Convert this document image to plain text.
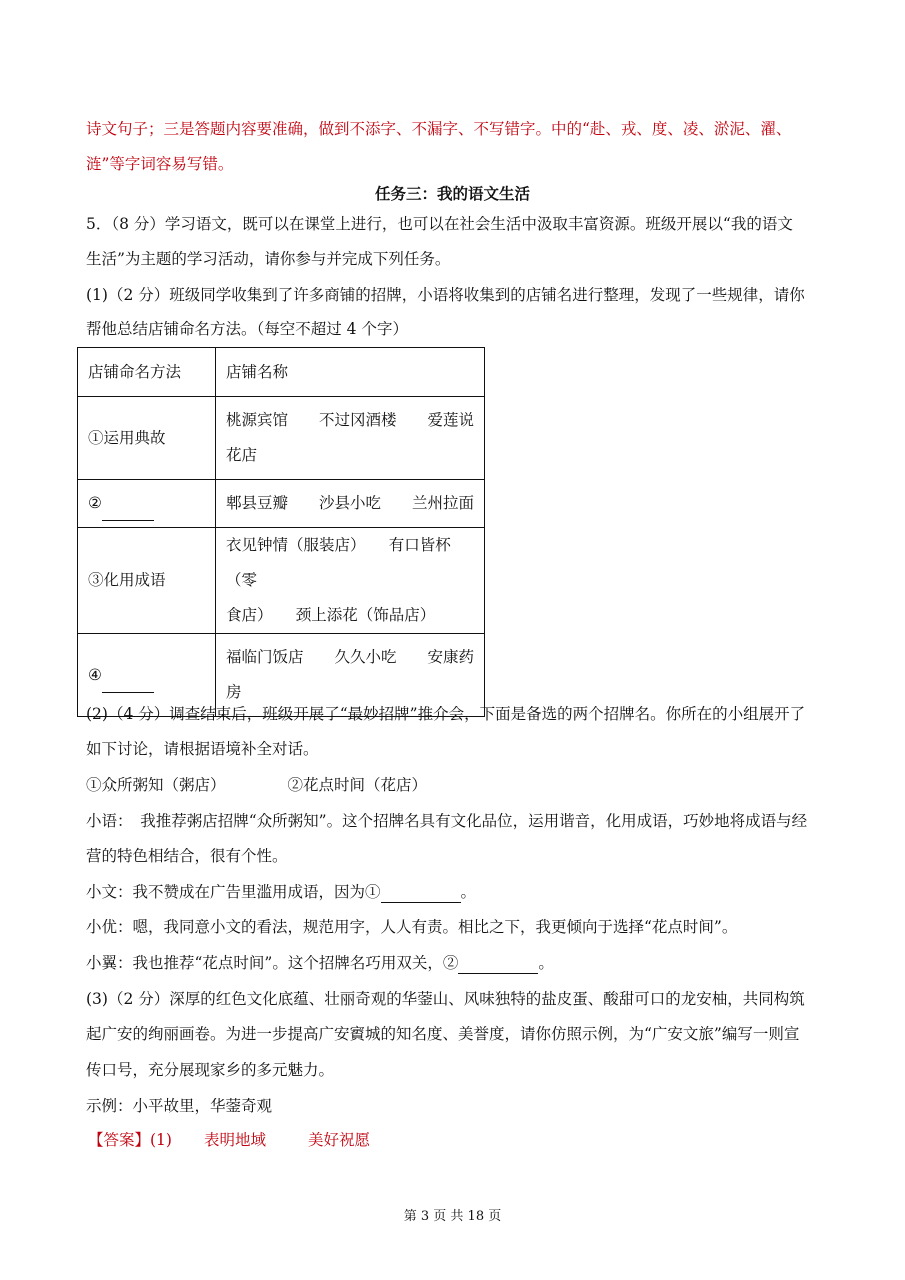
诗文句子；三是答题内容要准确，做到不添字、不漏字、不写错字。中的“赴、戎、度、凌、淤泥、濯、
涟”等字词容易写错。
任务三：我的语文生活
5．（8 分）学习语文，既可以在课堂上进行，也可以在社会生活中汲取丰富资源。班级开展以“我的语文
生活”为主题的学习活动，请你参与并完成下列任务。
(1)（2 分）班级同学收集到了许多商铺的招牌，小语将收集到的店铺名进行整理，发现了一些规律，请你
帮他总结店铺命名方法。（每空不超过 4 个字）
店铺命名方法	店铺名称
①运用典故	桃源宾馆　　不过冈酒楼　　爱莲说
花店

②	郫县豆瓣　　沙县小吃　　兰州拉面

③化用成语	衣见钟情（服装店）　　有口皆杯（零
食店）　　颈上添花（饰品店）

④	福临门饭店　　久久小吃　　安康药
房
(2)（4 分）调查结束后，班级开展了“最妙招牌”推介会，下面是备选的两个招牌名。你所在的小组展开了
如下讨论，请根据语境补全对话。
①众所粥知（粥店）	②花点时间（花店）
小语：　我推荐粥店招牌“众所粥知”。这个招牌名具有文化品位，运用谐音，化用成语，巧妙地将成语与经
营的特色相结合，很有个性。
小文：我不赞成在广告里滥用成语，因为①	。
小优：嗯，我同意小文的看法，规范用字，人人有责。相比之下，我更倾向于选择“花点时间”。
小翼：我也推荐“花点时间”。这个招牌名巧用双关，②	。
(3)（2 分）深厚的红色文化底蕴、壮丽奇观的华蓥山、风味独特的盐皮蛋、酸甜可口的龙安柚，共同构筑
起广安的绚丽画卷。为进一步提高广安賨城的知名度、美誉度，请你仿照示例，为“广安文旅”编写一则宣
传口号，充分展现家乡的多元魅力。
示例：小平故里，华蓥奇观
【答案】(1) 表明地域	美好祝愿
第 3 页 共 18 页
